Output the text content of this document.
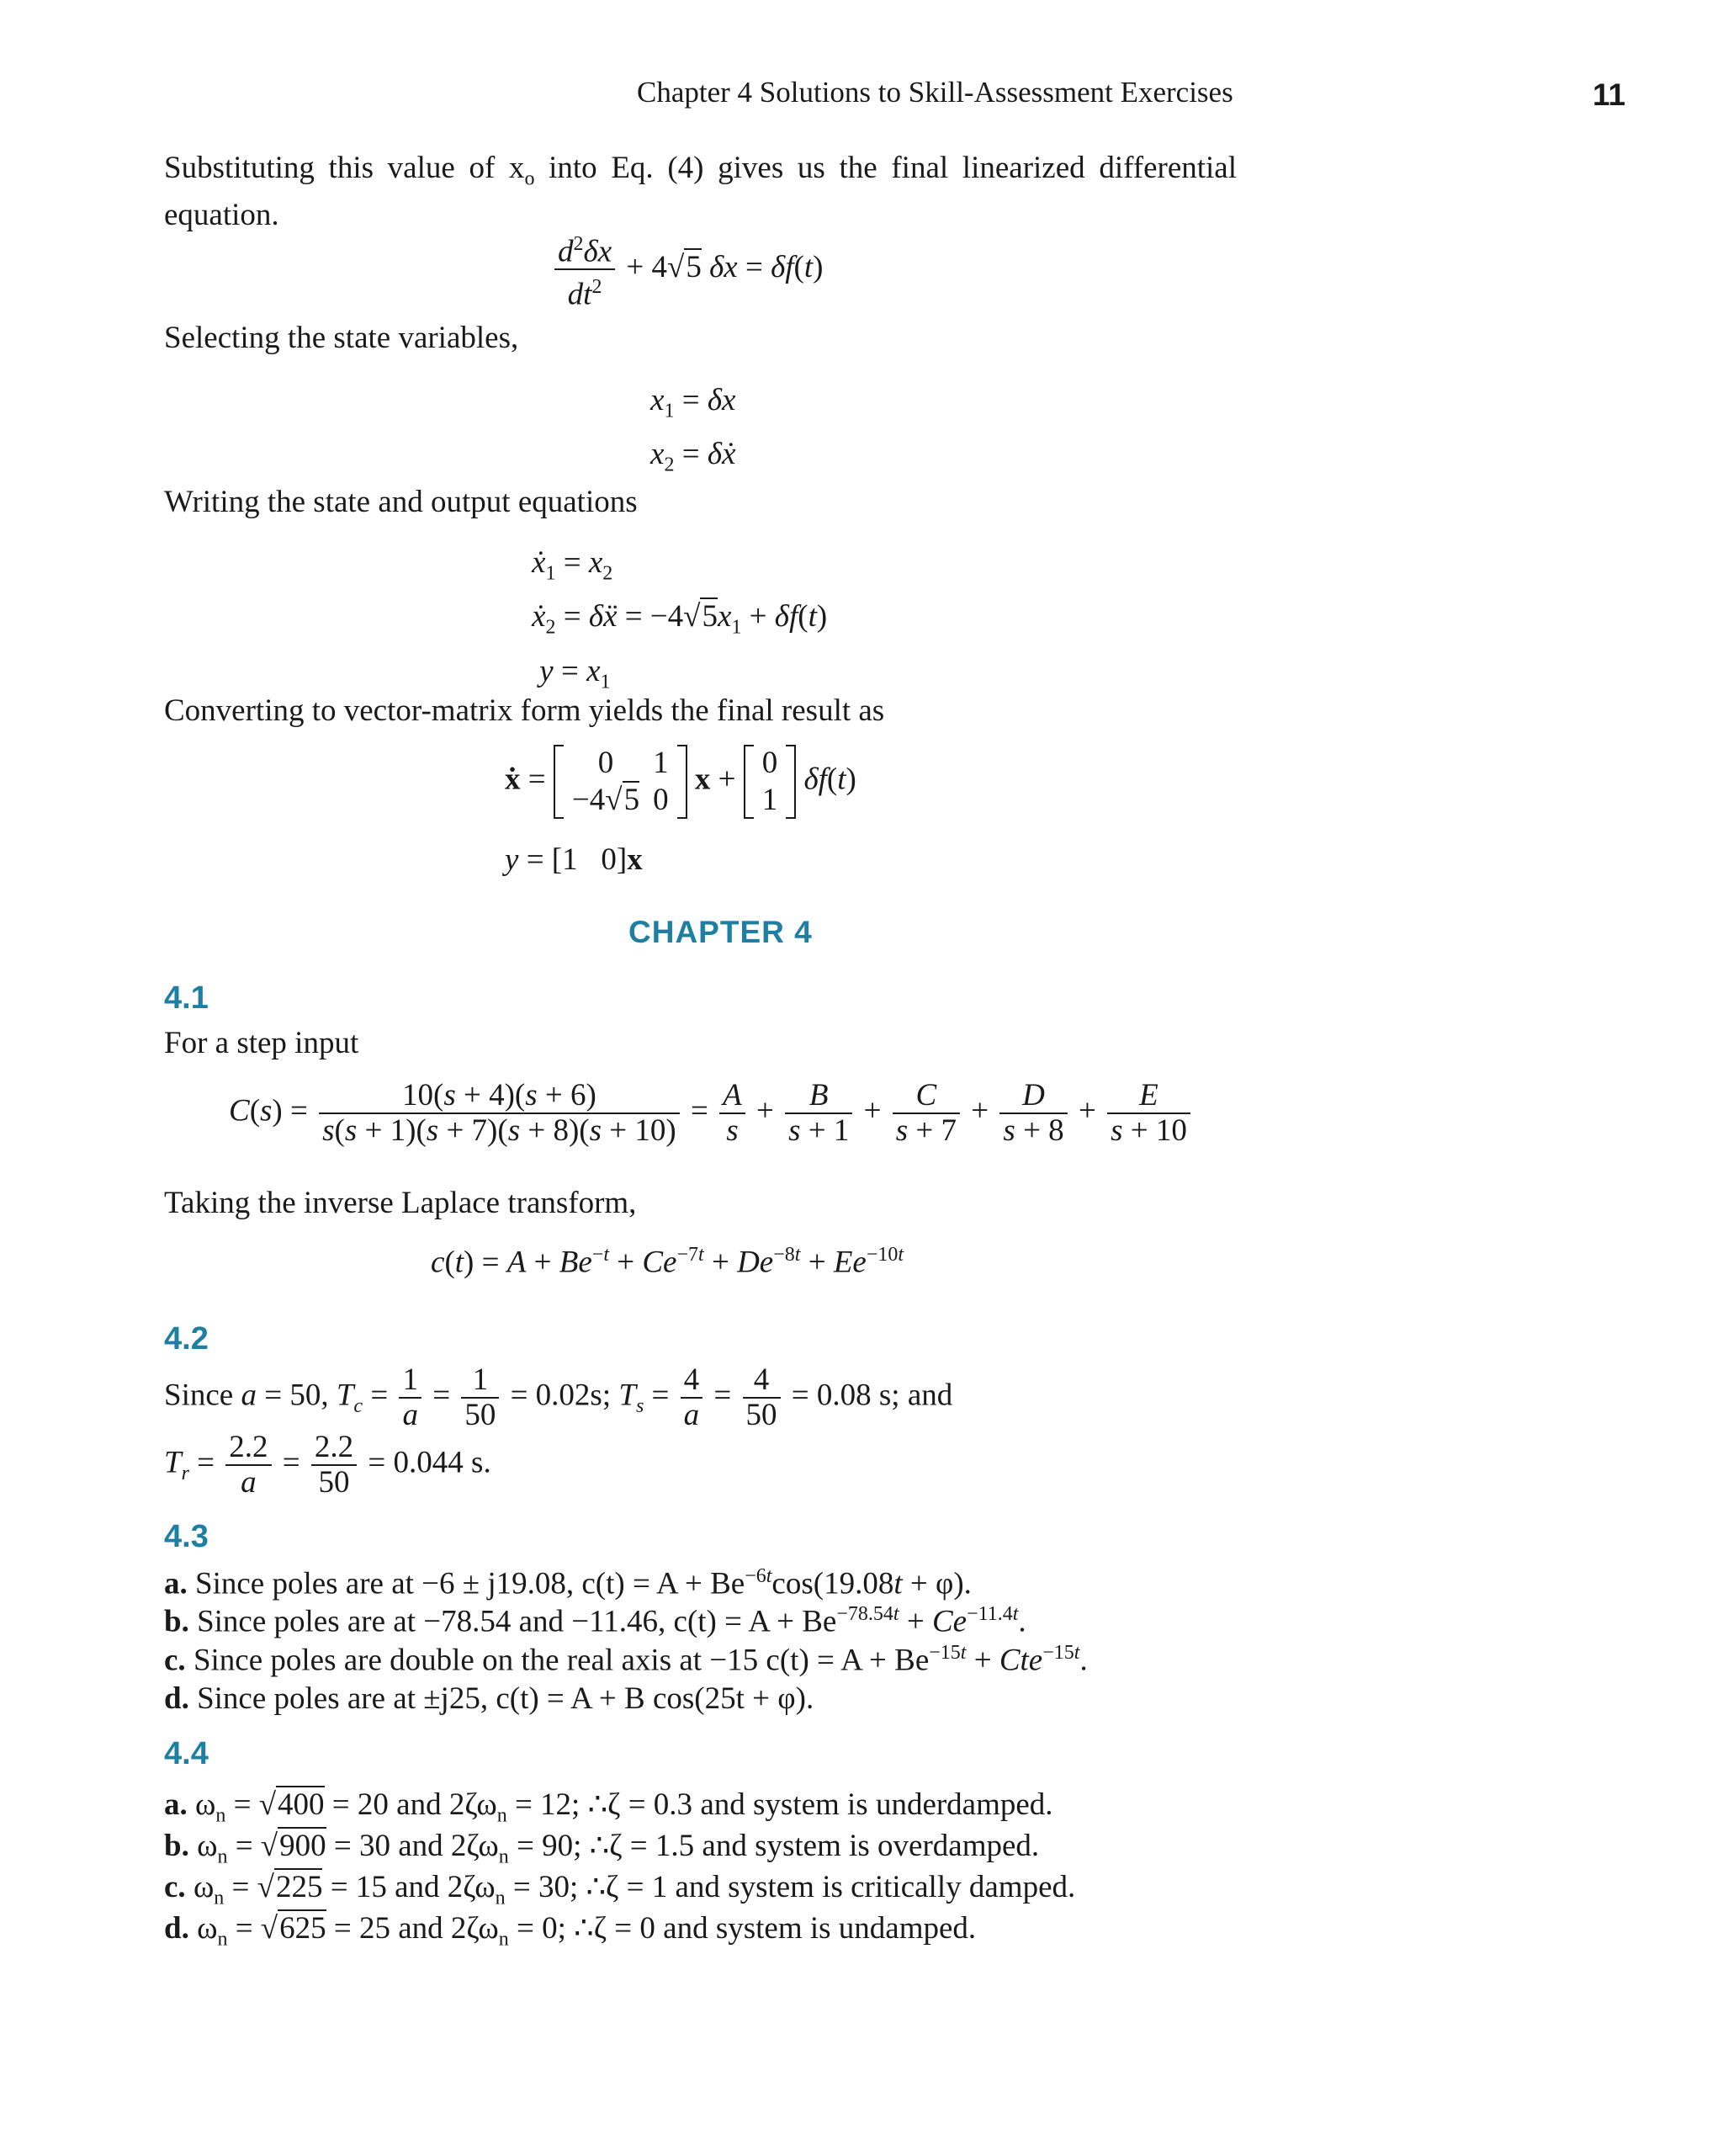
Chapter 4 Solutions to Skill-Assessment Exercises	11
Substituting this value of $x_o$ into Eq. (4) gives us the final linearized differential equation.
$\frac{d^2\delta x}{dt^2} + 4√5$ δx = δf(t)
Selecting the state variables,
$x_1 = \delta x$
$x_2$ = δẋ
Writing the state and output equations
ẋ$_1$ = $x_2$
ẋ$_2$ = δẍ = $-4√5x_1 + \delta f(t)$
$y = x_1$
Converting to vector-matrix form yields the final result as
ẋ = 0	1
−4√5	0
x + 0
1
δf(t)
y = [1   0]x
CHAPTER 4
4.1
For a step input
$C(s) = \frac{10(s + 4)(s + 6)}{s(s + 1)(s + 7)(s + 8)(s + 10)} = \frac{A}{s} + \frac{B}{s + 1} + \frac{C}{s + 7} + \frac{D}{s + 8} + \frac{E}{s + 10}$
Taking the inverse Laplace transform,
$c(t) = A + Be^{-t} + Ce^{-7t} + De^{-8t} + Ee^{-10t}$
4.2
Since a = 50, $T_c = \frac{1}{a} = \frac{1}{50} = 0.02s$; $T_s = \frac{4}{a} = \frac{4}{50} = 0.08$ s; and
$T_r = \frac{2.2}{a} = \frac{2.2}{50} = 0.044$ s.
4.3
a. Since poles are at −6 ± j19.08, $c(t) = A + Be^{-6t}\cos(19.08t + \varphi)$.
b. Since poles are at −78.54 and −11.46, $c(t) = A + Be^{-78.54t} + Ce^{-11.4t}$.
c. Since poles are double on the real axis at −15 $c(t) = A + Be^{-15t} + Cte^{-15t}$.
d. Since poles are at ±j25, c(t) = A + B cos(25t + φ).
4.4
a. $\omega_n = √400 = 20$ and $2\zeta\omega_n = 12$; ∴ζ = 0.3 and system is underdamped.
b. $\omega_n = √900 = 30$ and $2\zeta\omega_n = 90$; ∴ζ = 1.5 and system is overdamped.
c. $\omega_n = √225 = 15$ and $2\zeta\omega_n = 30$; ∴ζ = 1 and system is critically damped.
d. $\omega_n = √625 = 25$ and $2\zeta\omega_n = 0$; ∴ζ = 0 and system is undamped.
